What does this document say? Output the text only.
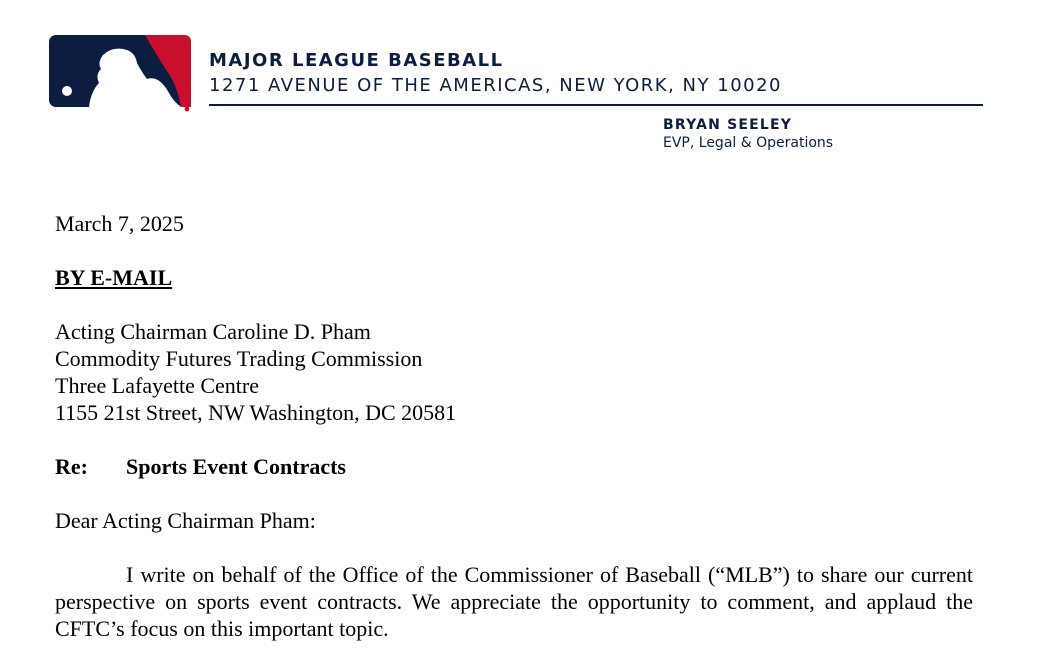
MAJOR LEAGUE BASEBALL
1271 AVENUE OF THE AMERICAS, NEW YORK, NY 10020
BRYAN SEELEY
EVP, Legal & Operations
March 7, 2025
BY E-MAIL
Acting Chairman Caroline D. Pham
Commodity Futures Trading Commission
Three Lafayette Centre
1155 21st Street, NW Washington, DC 20581
Re: Sports Event Contracts
Dear Acting Chairman Pham:

I write on behalf of the Office of the Commissioner of Baseball (“MLB”) to share our current perspective on sports event contracts. We appreciate the opportunity to comment, and applaud the CFTC’s focus on this important topic.
